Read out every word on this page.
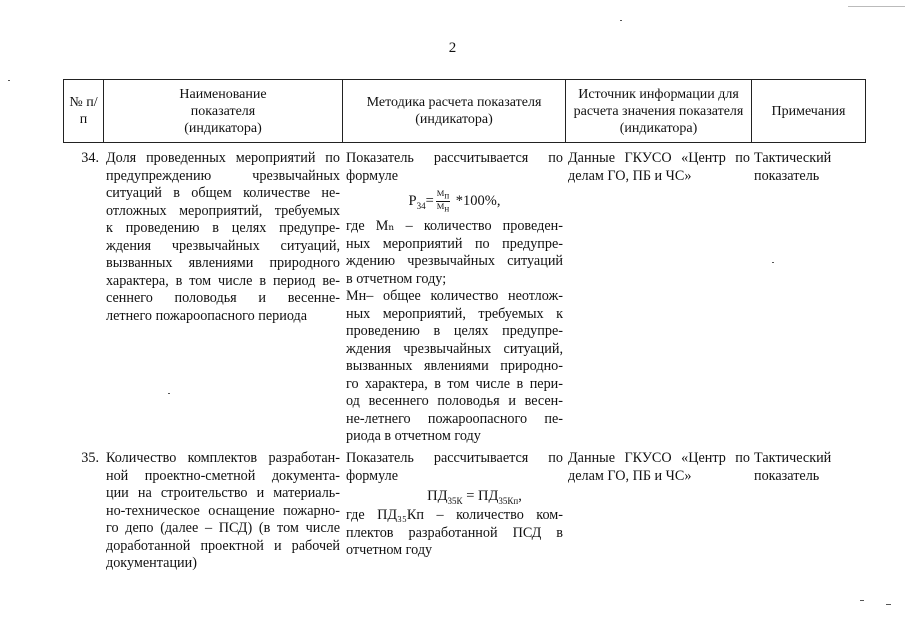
2
№ п/п
Наименование показателя (индикатора)
Методика расчета показателя (индикатора)
Источник информации для расчета значения показателя (индикатора)
Примечания
34. Доля проведенных мероприятий по
предупреждению чрезвычайных
ситуаций в общем количестве не-
отложных мероприятий, требуемых
к проведению в целях предупре-
ждения чрезвычайных ситуаций,
вызванных явлениями природного
характера, в том числе в период ве-
сеннего половодья и весенне-
летнего пожароопасного периода
Показатель рассчитывается по
формуле
$P_{34}= \frac{М_п}{М_н} *100\%$,
где Мₙ – количество проведен-
ных мероприятий по предупре-
ждению чрезвычайных ситуаций
в отчетном году;
Мн– общее количество неотлож-
ных мероприятий, требуемых к
проведению в целях предупре-
ждения чрезвычайных ситуаций,
вызванных явлениями природно-
го характера, в том числе в пери-
од весеннего половодья и весен-
не-летнего пожароопасного пе-
риода в отчетном году
Данные ГКУСО «Центр по
делам ГО, ПБ и ЧС»
Тактический
показатель
35. Количество комплектов разработан-
ной проектно-сметной документа-
ции на строительство и материаль-
но-техническое оснащение пожарно-
го депо (далее – ПСД) (в том числе
доработанной проектной и рабочей
документации)
Показатель рассчитывается по
формуле
$ПД_{35К} = ПД_{35Кп}$,
где ПД₃₅Кп – количество ком-
плектов разработанной ПСД в
отчетном году
Данные ГКУСО «Центр по
делам ГО, ПБ и ЧС»
Тактический
показатель
